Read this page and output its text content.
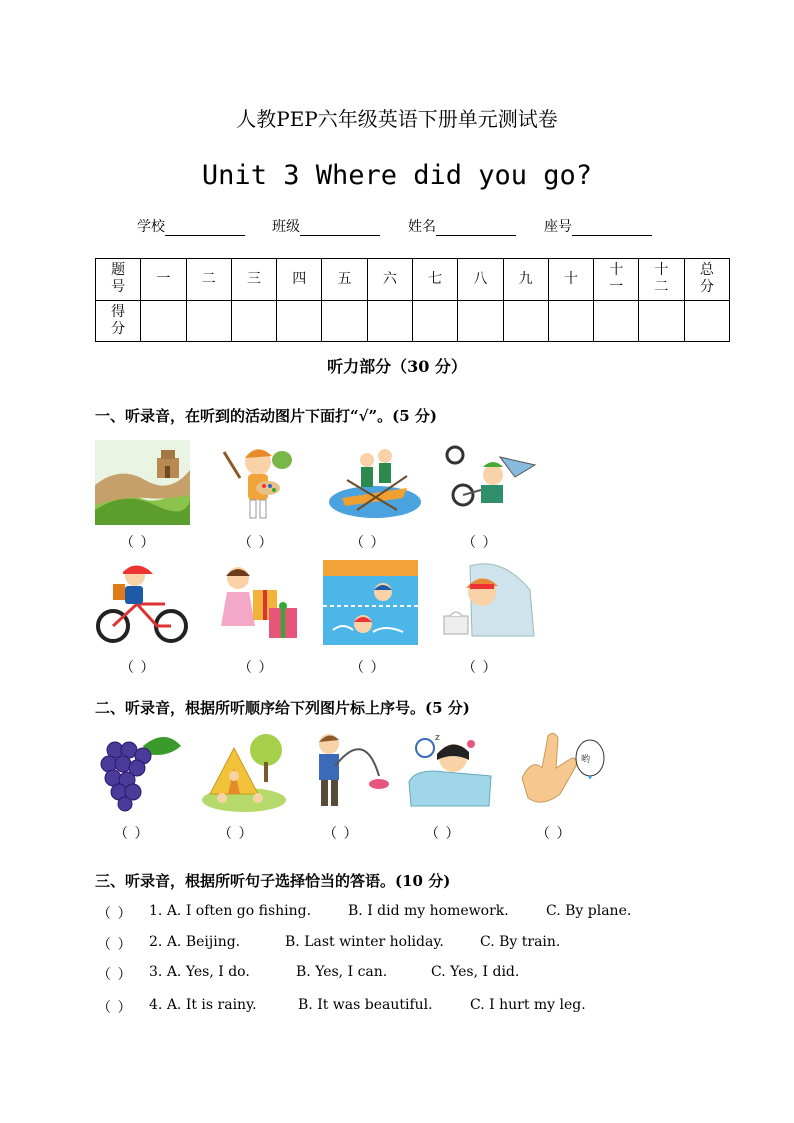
人教PEP六年级英语下册单元测试卷
Unit 3 Where did you go?
学校	班级	姓名	座号
题号	一	二	三	四	五	六	七	八	九	十	十一	十二	总分
得分													
听力部分（30 分）
一、听录音，在听到的活动图片下面打“√”。(5 分)
（ ）	（ ）	（ ）	（ ）
（ ）	（ ）	（ ）	（ ）
二、听录音，根据所听顺序给下列图片标上序号。(5 分)
z
哟
（ ）	（ ）	（ ）	（ ）	（ ）
三、听录音，根据所听句子选择恰当的答语。(10 分)
（ ） 1. A. I often go fishing.	B. I did my homework.	C. By plane.
（ ） 2. A. Beijing.	B. Last winter holiday.	C. By train.
（ ） 3. A. Yes, I do.	B. Yes, I can.	C. Yes, I did.
（ ） 4. A. It is rainy.	B. It was beautiful.	C. I hurt my leg.
